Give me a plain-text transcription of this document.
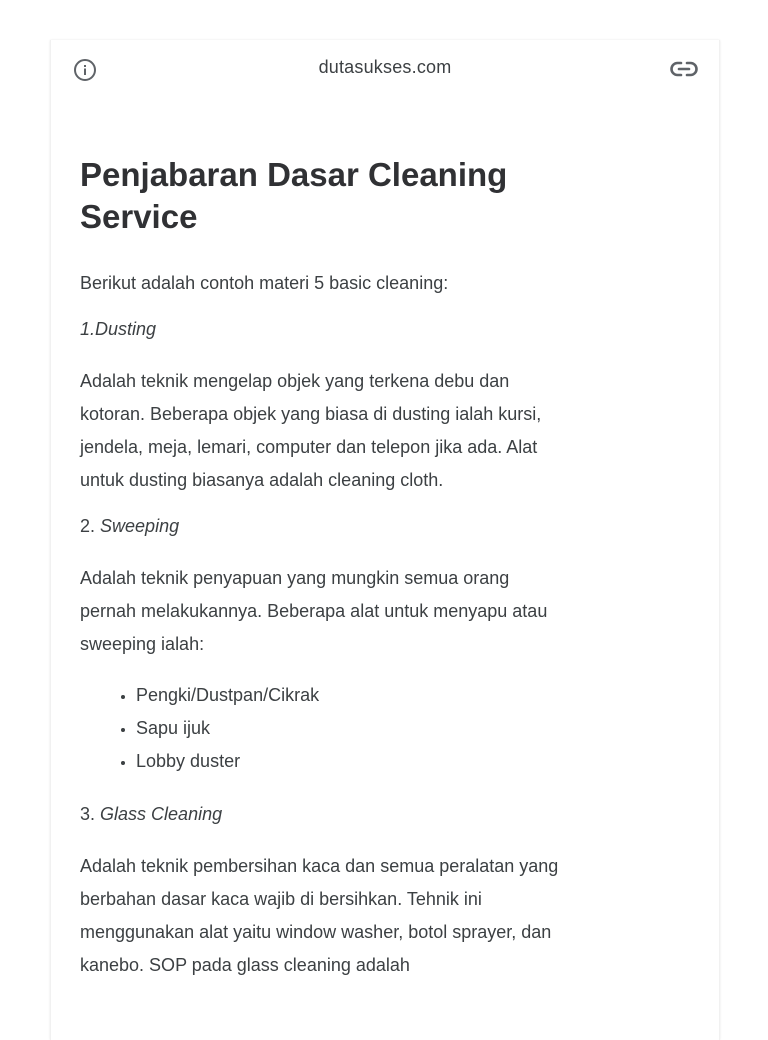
dutasukses.com
Penjabaran Dasar Cleaning Service

Berikut adalah contoh materi 5 basic cleaning:

1.Dusting

Adalah teknik mengelap objek yang terkena debu dan kotoran. Beberapa objek yang biasa di dusting ialah kursi, jendela, meja, lemari, computer dan telepon jika ada. Alat untuk dusting biasanya adalah cleaning cloth.

2. Sweeping

Adalah teknik penyapuan yang mungkin semua orang pernah melakukannya. Beberapa alat untuk menyapu atau sweeping ialah:

• Pengki/Dustpan/Cikrak
• Sapu ijuk
• Lobby duster

3. Glass Cleaning

Adalah teknik pembersihan kaca dan semua peralatan yang berbahan dasar kaca wajib di bersihkan. Tehnik ini menggunakan alat yaitu window washer, botol sprayer, dan kanebo. SOP pada glass cleaning adalah
